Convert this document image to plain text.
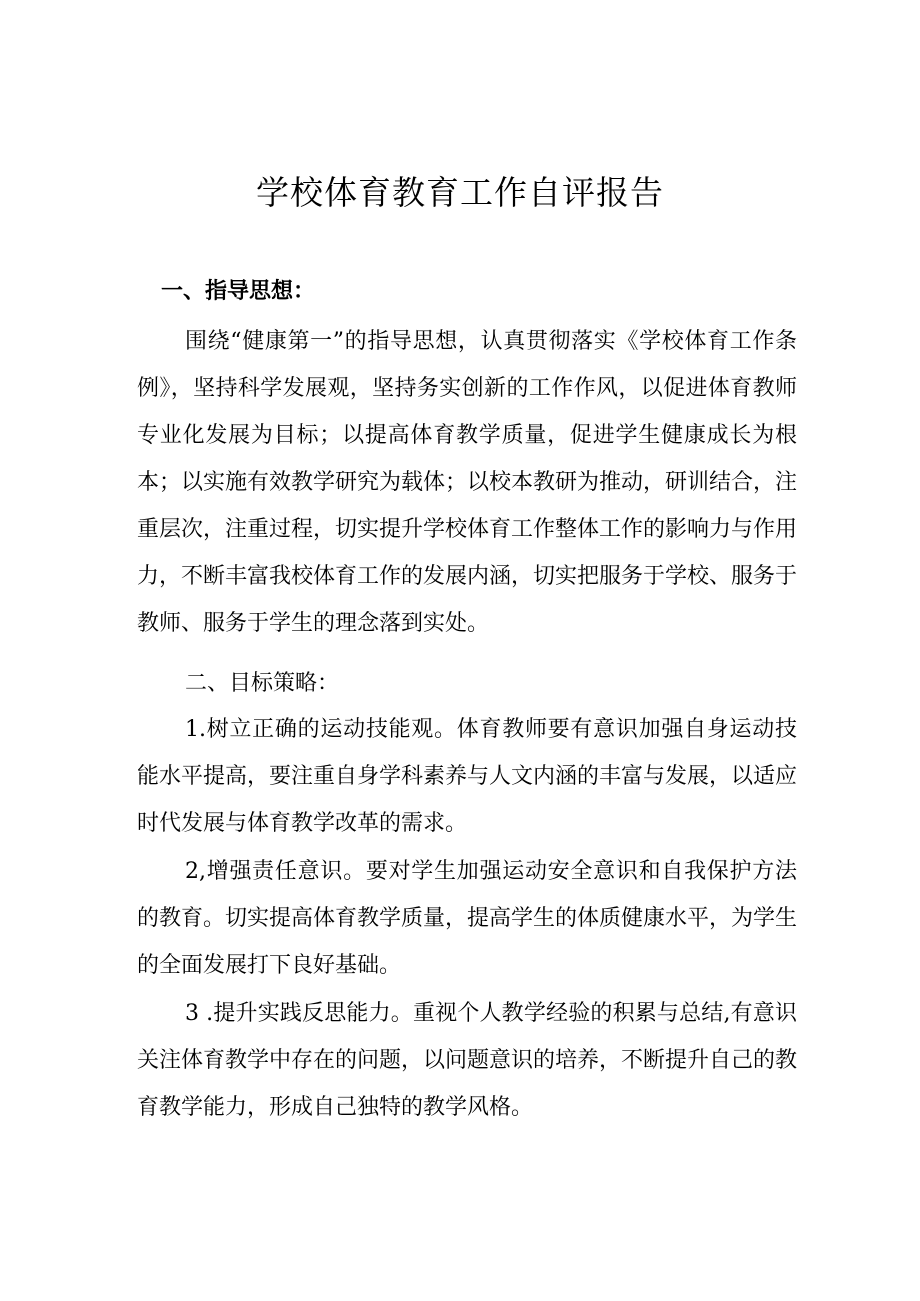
学校体育教育工作自评报告

一、指导思想：

围绕“健康第一”的指导思想，认真贯彻落实《学校体育工作条例》，坚持科学发展观，坚持务实创新的工作作风，以促进体育教师专业化发展为目标；以提高体育教学质量，促进学生健康成长为根本；以实施有效教学研究为载体；以校本教研为推动，研训结合，注重层次，注重过程，切实提升学校体育工作整体工作的影响力与作用力，不断丰富我校体育工作的发展内涵，切实把服务于学校、服务于教师、服务于学生的理念落到实处。

二、目标策略：

1.树立正确的运动技能观。体育教师要有意识加强自身运动技能水平提高，要注重自身学科素养与人文内涵的丰富与发展，以适应时代发展与体育教学改革的需求。

2,增强责任意识。要对学生加强运动安全意识和自我保护方法的教育。切实提高体育教学质量，提高学生的体质健康水平，为学生的全面发展打下良好基础。

3 .提升实践反思能力。重视个人教学经验的积累与总结,有意识关注体育教学中存在的问题，以问题意识的培养，不断提升自己的教育教学能力，形成自己独特的教学风格。
